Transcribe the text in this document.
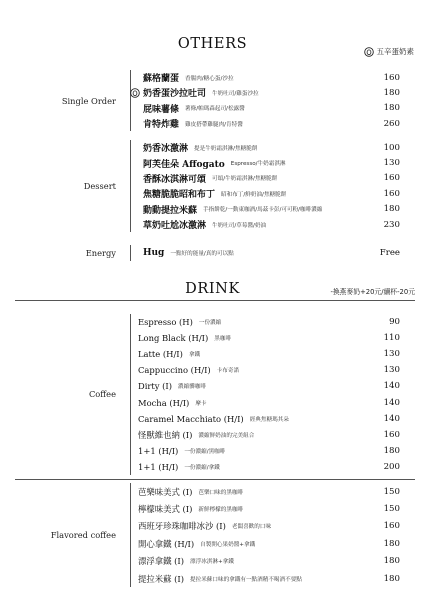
OTHERS	五辛蛋奶素
Single Order
蘇格蘭蛋 香腸肉/糖心蛋/沙拉	160
奶香蛋沙拉吐司 牛奶吐司/雞蛋沙拉	180
屁味薯條 薯條/帕瑪森起司/松露醬	180
肯特炸雞 雞皮搭帶雞腿肉/肯特醬	260
Dessert
奶香冰激淋 提是牛奶霜淇淋/焦糖脆餅	100
阿芙佳朵 Affogato Espresso/牛奶霜淇淋	130
香酥冰淇淋可頌 可頌/牛奶霜淇淋/焦糖脆餅	160
焦糖脆脆昭和布丁 昭和布丁/鮮奶油/焦糖脆餅	160
動動提拉米蘇 手指餅乾/一動東咖酒/馬茲卡彭/可可粉/咖啡濃縮	180
草奶吐尬冰激淋 牛奶吐司/草莓醬/奶油	230
Energy	Hug 一點好的能量/真的可以點	Free
DRINK	-換燕麥奶+20元/續杯-20元
Coffee
Espresso (H) 一份濃縮	90
Long Black (H/I) 黑咖啡	110
Latte (H/I) 拿鐵	130
Cappuccino (H/I) 卡布奇諾	130
Dirty (I) 濃縮髒咖啡	140
Mocha (H/I) 摩卡	140
Caramel Macchiato (H/I) 經典焦糖瑪其朵	140
怪獸維也納 (I) 濃縮鮮奶油的完美組合	160
1+1 (H/I) 一份濃縮/黑咖啡	180
1+1 (H/I) 一份濃縮/拿鐵	200
Flavored coffee
芭樂味美式 (I) 芭樂口味的黑咖啡	150
檸檬味美式 (I) 新鮮檸檬的黑咖啡	150
西班牙珍珠咖啡冰沙 (I) 老闆喜歡的口味	160
開心拿鐵 (H/I) 自製開心果奶醬+拿鐵	180
漂浮拿鐵 (I) 漂浮冰淇淋+拿鐵	180
提拉米蘇 (I) 提拉米蘇口味的拿鐵有一點酒精不喝酒不要點	180
